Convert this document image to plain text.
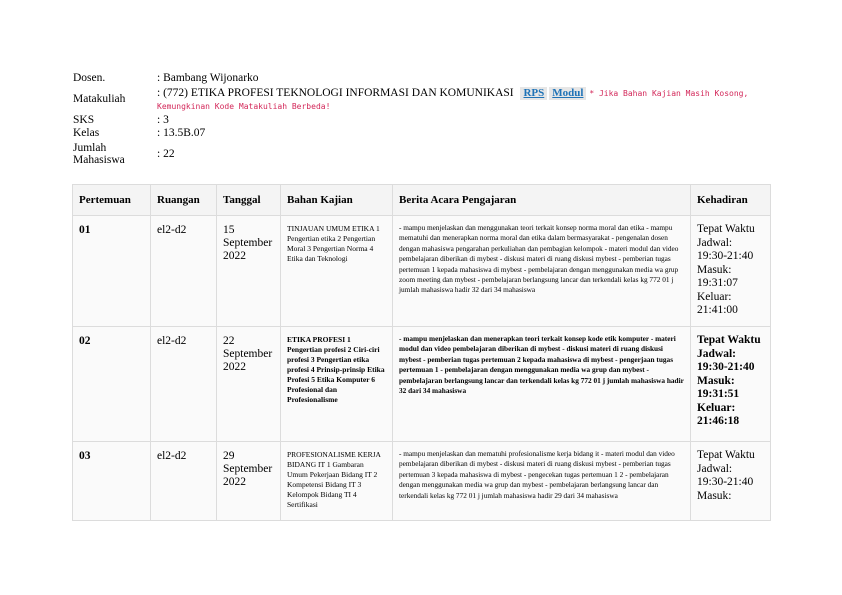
Dosen.	: Bambang Wijonarko
Matakuliah
: (772) ETIKA PROFESI TEKNOLOGI INFORMASI DAN KOMUNIKASI RPS Modul * Jika Bahan Kajian Masih Kosong, Kemungkinan Kode Matakuliah Berbeda!
SKS	: 3
Kelas	: 13.5B.07
Jumlah Mahasiswa
: 22
Pertemuan	Ruangan	Tanggal	Bahan Kajian	Berita Acara Pengajaran	Kehadiran
01	el2-d2	15 September 2022	TINJAUAN UMUM ETIKA 1 Pengertian etika 2 Pengertian Moral 3 Pengertian Norma 4 Etika dan Teknologi	- mampu menjelaskan dan menggunakan teori terkait konsep norma moral dan etika - mampu mematuhi dan menerapkan norma moral dan etika dalam bermasyarakat - pengenalan dosen dengan mahasiswa pengarahan perkuliahan dan pembagian kelompok - materi modul dan video pembelajaran diberikan di mybest - diskusi materi di ruang diskusi mybest - pemberian tugas pertemuan 1 kepada mahasiswa di mybest - pembelajaran dengan menggunakan media wa grup zoom meeting dan mybest - pembelajaran berlangsung lancar dan terkendali kelas kg 772 01 j jumlah mahasiswa hadir 32 dari 34 mahasiswa	Tepat Waktu Jadwal: 19:30-21:40 Masuk: 19:31:07 Keluar: 21:41:00
02	el2-d2	22 September 2022	ETIKA PROFESI 1 Pengertian profesi 2 Ciri-ciri profesi 3 Pengertian etika profesi 4 Prinsip-prinsip Etika Profesi 5 Etika Komputer 6 Profesional dan Profesionalisme	- mampu menjelaskan dan menerapkan teori terkait konsep kode etik komputer - materi modul dan video pembelajaran diberikan di mybest - diskusi materi di ruang diskusi mybest - pemberian tugas pertemuan 2 kepada mahasiswa di mybest - pengerjaan tugas pertemuan 1 - pembelajaran dengan menggunakan media wa grup dan mybest - pembelajaran berlangsung lancar dan terkendali kelas kg 772 01 j jumlah mahasiswa hadir 32 dari 34 mahasiswa	Tepat Waktu Jadwal: 19:30-21:40 Masuk: 19:31:51 Keluar: 21:46:18
03	el2-d2	29 September 2022	PROFESIONALISME KERJA BIDANG IT 1 Gambaran Umum Pekerjaan Bidang IT 2 Kompetensi Bidang IT 3 Kelompok Bidang TI 4 Sertifikasi	- mampu menjelaskan dan mematuhi profesionalisme kerja bidang it - materi modul dan video pembelajaran diberikan di mybest - diskusi materi di ruang diskusi mybest - pemberian tugas pertemuan 3 kepada mahasiswa di mybest - pengecekan tugas pertemuan 1 2 - pembelajaran dengan menggunakan media wa grup dan mybest - pembelajaran berlangsung lancar dan terkendali kelas kg 772 01 j jumlah mahasiswa hadir 29 dari 34 mahasiswa	Tepat Waktu Jadwal: 19:30-21:40 Masuk:
